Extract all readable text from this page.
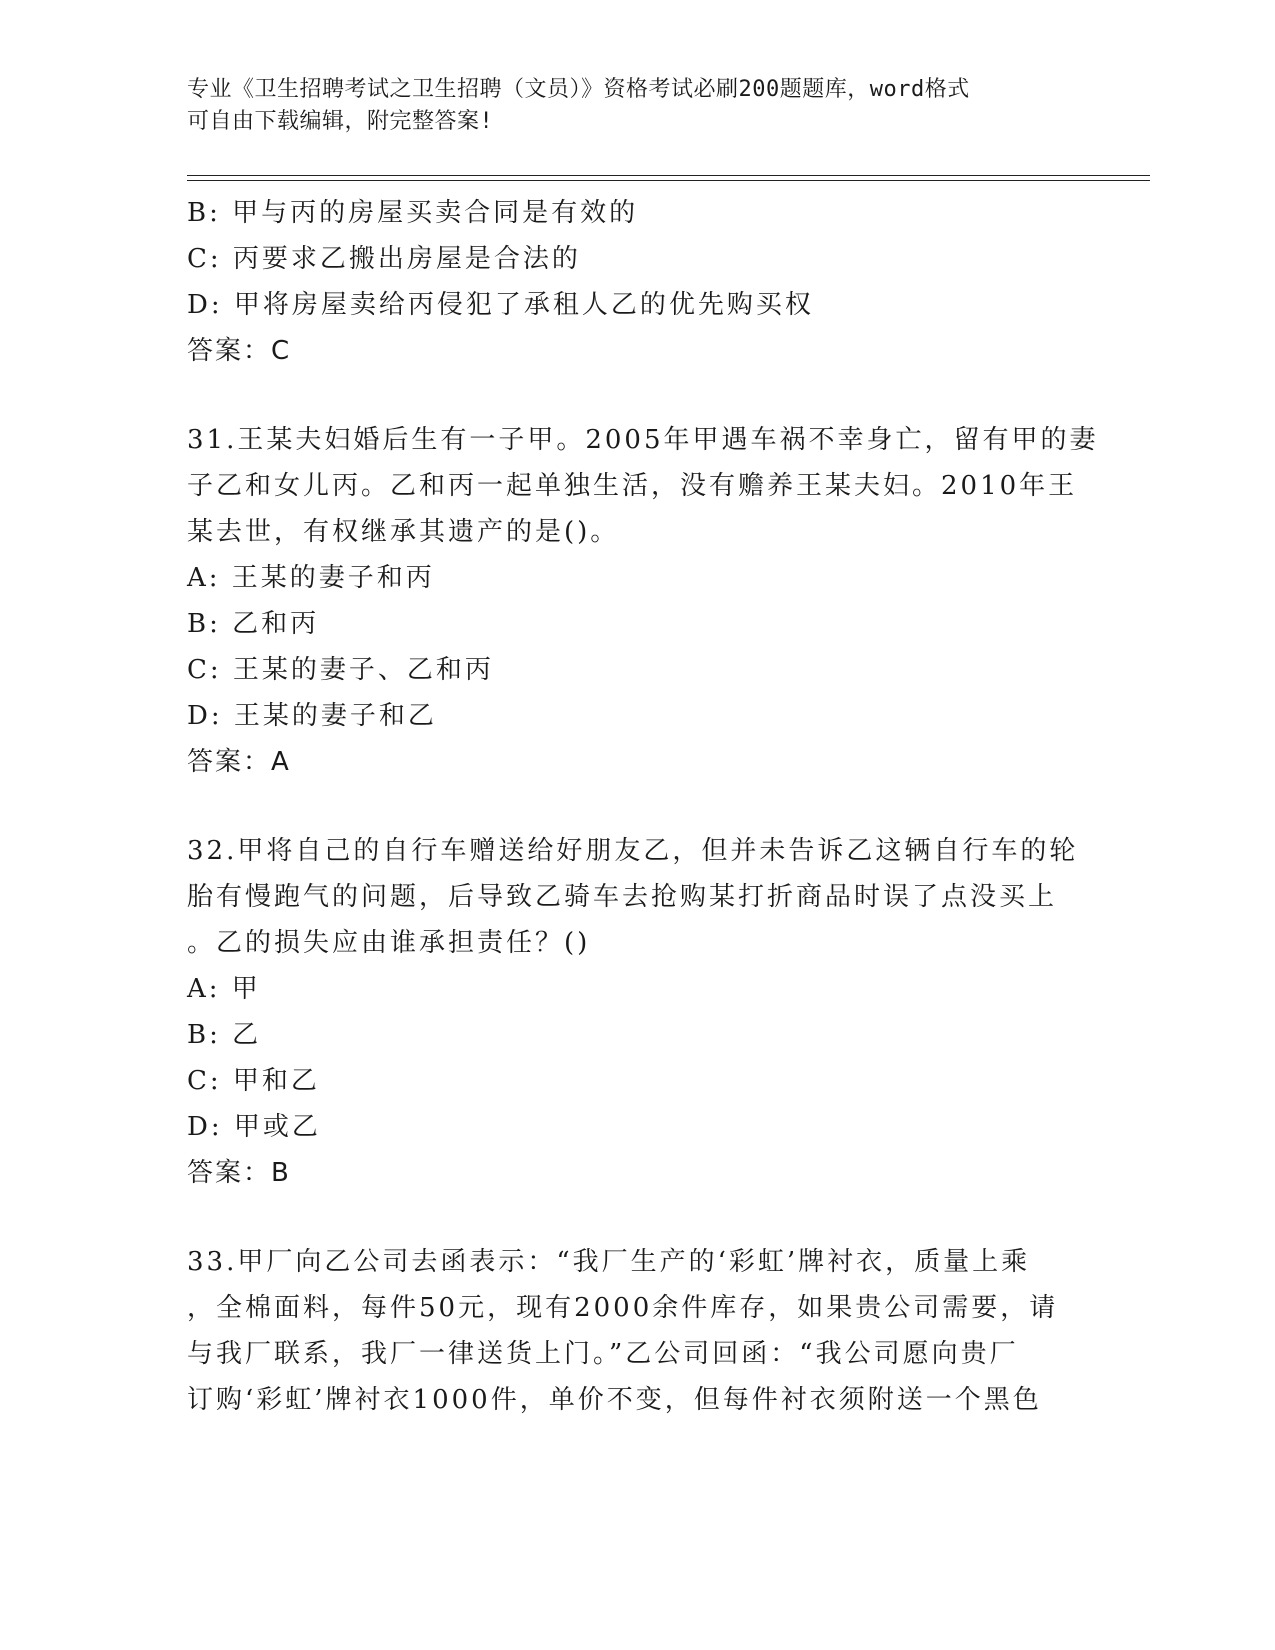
专业《卫生招聘考试之卫生招聘（文员）》资格考试必刷200题题库，word格式
可自由下载编辑，附完整答案!
B: 甲与丙的房屋买卖合同是有效的
C: 丙要求乙搬出房屋是合法的
D: 甲将房屋卖给丙侵犯了承租人乙的优先购买权
答案：C
31.王某夫妇婚后生有一子甲。2005年甲遇车祸不幸身亡，留有甲的妻
子乙和女儿丙。乙和丙一起单独生活，没有赡养王某夫妇。2010年王
某去世，有权继承其遗产的是()。
A: 王某的妻子和丙
B: 乙和丙
C: 王某的妻子、乙和丙
D: 王某的妻子和乙
答案：A
32.甲将自己的自行车赠送给好朋友乙，但并未告诉乙这辆自行车的轮
胎有慢跑气的问题，后导致乙骑车去抢购某打折商品时误了点没买上
。乙的损失应由谁承担责任？()
A: 甲
B: 乙
C: 甲和乙
D: 甲或乙
答案：B
33.甲厂向乙公司去函表示：“我厂生产的‘彩虹’牌衬衣，质量上乘
，全棉面料，每件50元，现有2000余件库存，如果贵公司需要，请
与我厂联系，我厂一律送货上门。”乙公司回函：“我公司愿向贵厂
订购‘彩虹’牌衬衣1000件，单价不变，但每件衬衣须附送一个黑色
